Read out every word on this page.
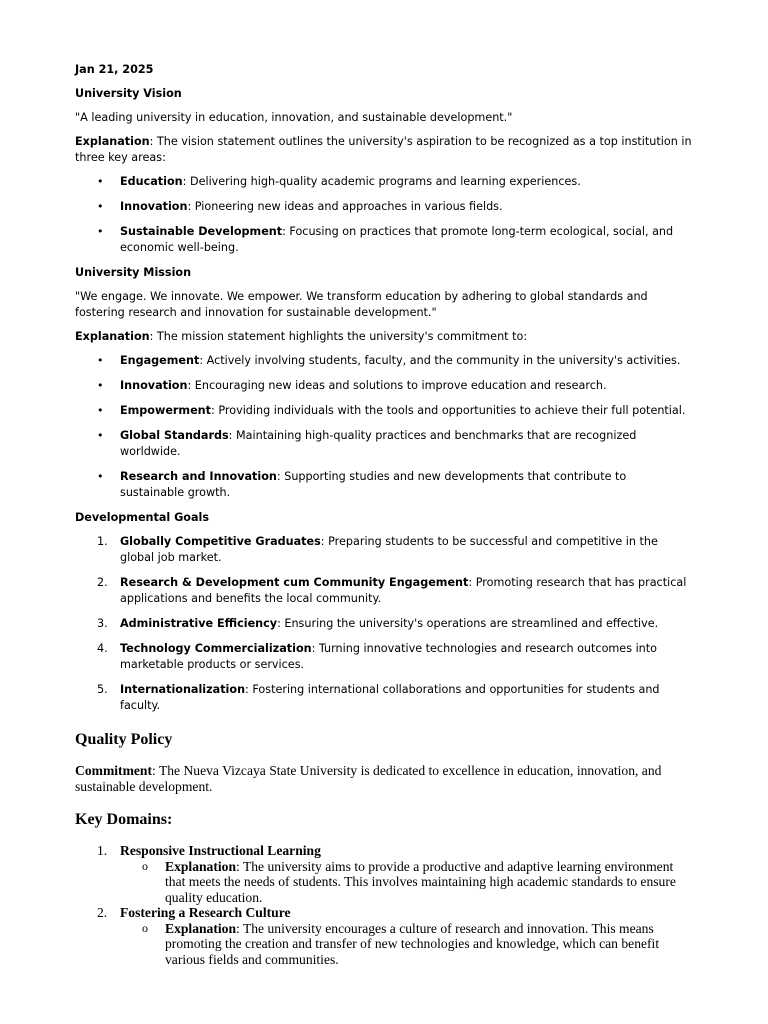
Jan 21, 2025

University Vision

"A leading university in education, innovation, and sustainable development."

Explanation: The vision statement outlines the university's aspiration to be recognized as a top institution in three key areas:

• Education: Delivering high-quality academic programs and learning experiences.
• Innovation: Pioneering new ideas and approaches in various fields.
• Sustainable Development: Focusing on practices that promote long-term ecological, social, and economic well-being.

University Mission

"We engage. We innovate. We empower. We transform education by adhering to global standards and fostering research and innovation for sustainable development."

Explanation: The mission statement highlights the university's commitment to:

• Engagement: Actively involving students, faculty, and the community in the university's activities.
• Innovation: Encouraging new ideas and solutions to improve education and research.
• Empowerment: Providing individuals with the tools and opportunities to achieve their full potential.
• Global Standards: Maintaining high-quality practices and benchmarks that are recognized worldwide.
• Research and Innovation: Supporting studies and new developments that contribute to sustainable growth.

Developmental Goals

1. Globally Competitive Graduates: Preparing students to be successful and competitive in the global job market.
2. Research & Development cum Community Engagement: Promoting research that has practical applications and benefits the local community.
3. Administrative Efficiency: Ensuring the university's operations are streamlined and effective.
4. Technology Commercialization: Turning innovative technologies and research outcomes into marketable products or services.
5. Internationalization: Fostering international collaborations and opportunities for students and faculty.

Quality Policy

Commitment: The Nueva Vizcaya State University is dedicated to excellence in education, innovation, and sustainable development.

Key Domains:

1. Responsive Instructional Learning
o Explanation: The university aims to provide a productive and adaptive learning environment that meets the needs of students. This involves maintaining high academic standards to ensure quality education.
2. Fostering a Research Culture
o Explanation: The university encourages a culture of research and innovation. This means promoting the creation and transfer of new technologies and knowledge, which can benefit various fields and communities.
